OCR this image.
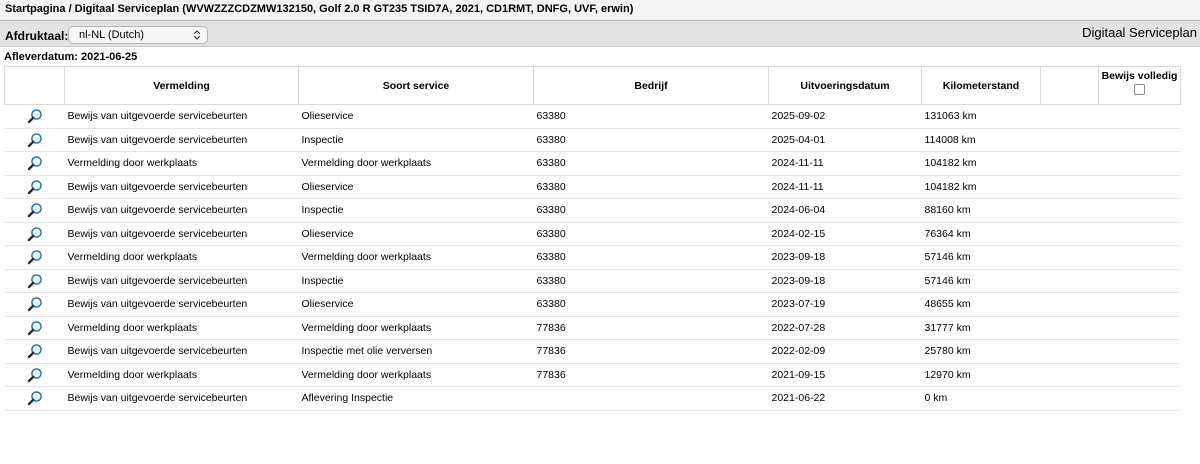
Startpagina / Digitaal Serviceplan (WVWZZZCDZMW132150, Golf 2.0 R GT235 TSID7A, 2021, CD1RMT, DNFG, UVF, erwin)
Afdruktaal: nl-NL (Dutch)	Digitaal Serviceplan
Afleverdatum: 2021-06-25
	Vermelding	Soort service	Bedrijf	Uitvoeringsdatum	Kilometerstand		Bewijs volledig

	Bewijs van uitgevoerde servicebeurten	Olieservice	63380	2025-09-02	131063 km		
	Bewijs van uitgevoerde servicebeurten	Inspectie	63380	2025-04-01	114008 km		
	Vermelding door werkplaats	Vermelding door werkplaats	63380	2024-11-11	104182 km		
	Bewijs van uitgevoerde servicebeurten	Olieservice	63380	2024-11-11	104182 km		
	Bewijs van uitgevoerde servicebeurten	Inspectie	63380	2024-06-04	88160 km		
	Bewijs van uitgevoerde servicebeurten	Olieservice	63380	2024-02-15	76364 km		
	Vermelding door werkplaats	Vermelding door werkplaats	63380	2023-09-18	57146 km		
	Bewijs van uitgevoerde servicebeurten	Inspectie	63380	2023-09-18	57146 km		
	Bewijs van uitgevoerde servicebeurten	Olieservice	63380	2023-07-19	48655 km		
	Vermelding door werkplaats	Vermelding door werkplaats	77836	2022-07-28	31777 km		
	Bewijs van uitgevoerde servicebeurten	Inspectie met olie verversen	77836	2022-02-09	25780 km		
	Vermelding door werkplaats	Vermelding door werkplaats	77836	2021-09-15	12970 km		
	Bewijs van uitgevoerde servicebeurten	Aflevering Inspectie		2021-06-22	0 km		
